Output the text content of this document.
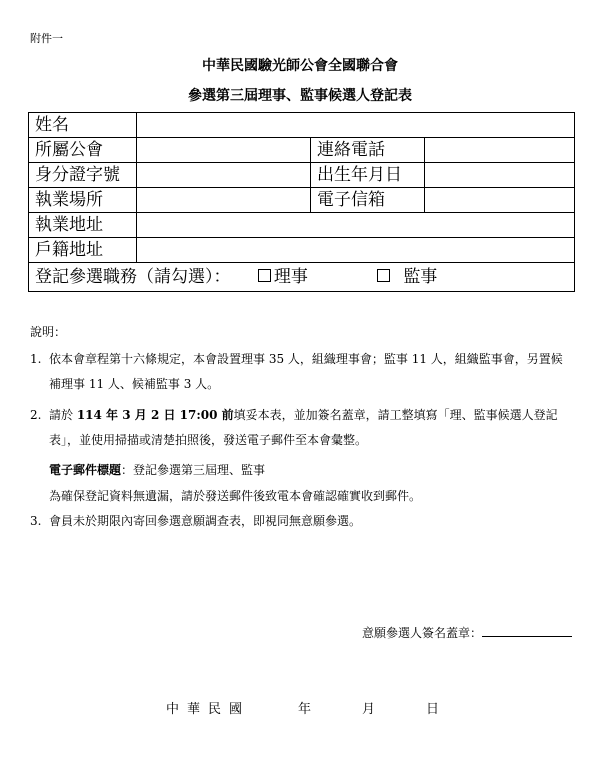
附件一
中華民國驗光師公會全國聯合會
參選第三屆理事、監事候選人登記表
姓名			
所屬公會		連絡電話	
身分證字號		出生年月日	
執業場所		電子信箱	
執業地址			
戶籍地址			
登記參選職務（請勾選）： 理事 監事			
說明：
1. 依本會章程第十六條規定，本會設置理事 35 人，組織理事會；監事 11 人，組織監事會，另置候補理事 11 人、候補監事 3 人。
2. 請於 114 年 3 月 2 日 17:00 前填妥本表，並加簽名蓋章，請工整填寫「理、監事候選人登記表」，並使用掃描或清楚拍照後，發送電子郵件至本會彙整。
電子郵件標題：登記參選第三屆理、監事
為確保登記資料無遺漏，請於發送郵件後致電本會確認確實收到郵件。
3. 會員未於期限內寄回參選意願調查表，即視同無意願參選。
意願參選人簽名蓋章：
中華民國	年	月	日
